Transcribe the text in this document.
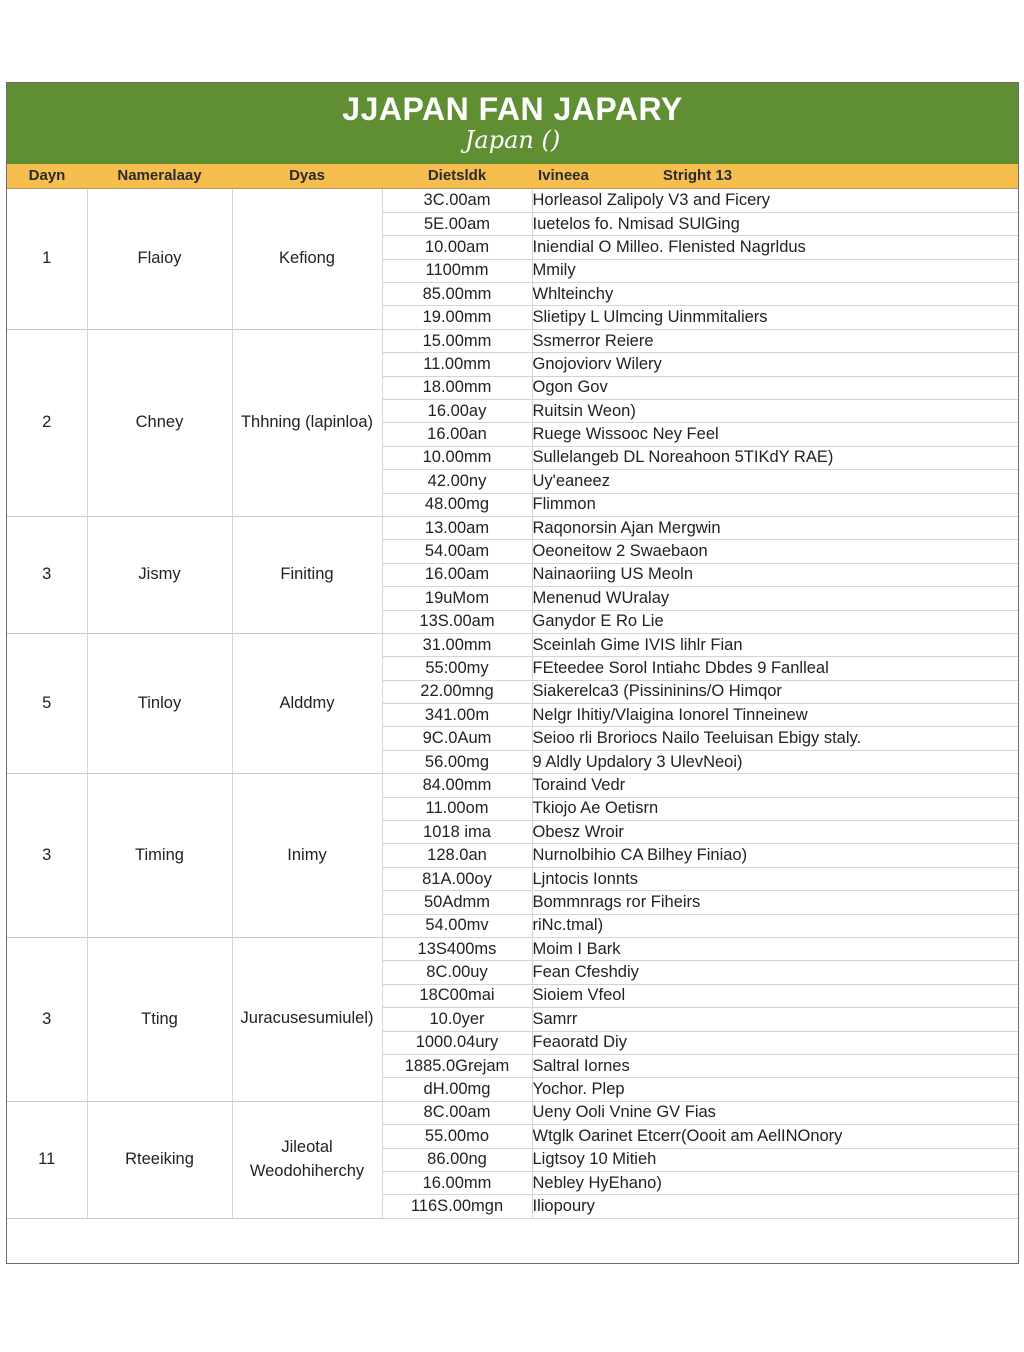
JJAPAN FAN JAPARY
Japan ()
Dayn	Nameralaay	Dyas	Dietsldk	Ivineea	Stright 13
1	Flaioy	Kefiong	3C.00am	Horleasol Zalipoly V3 and Ficery
			5E.00am	Iuetelos fo. Nmisad SUlGing
			10.00am	Iniendial O Milleo. Flenisted Nagrldus
			1100mm	Mmily
			85.00mm	Whlteinchy
			19.00mm	Slietipy L Ulmcing Uinmmitaliers
2	Chney	Thhning (lapinloa)	15.00mm	Ssmerror Reiere
			11.00mm	Gnojoviorv Wilery
			18.00mm	Ogon Gov
			16.00ay	Ruitsin Weon)
			16.00an	Ruege Wissooc Ney Feel
			10.00mm	Sullelangeb DL Noreahoon 5TIKdY RAE)
			42.00ny	Uy'eaneez
			48.00mg	Flimmon
3	Jismy	Finiting	13.00am	Raqonorsin Ajan Mergwin
			54.00am	Oeoneitow 2 Swaebaon
			16.00am	Nainaoriing US Meoln
			19uMom	Menenud WUralay
			13S.00am	Ganydor E Ro Lie
5	Tinloy	Alddmy	31.00mm	Sceinlah Gime IVIS lihlr Fian
			55:00my	FEteedee Sorol Intiahc Dbdes 9 Fanlleal
			22.00mng	Siakerelca3 (Pissininins/O Himqor
			341.00m	Nelgr Ihitiy/Vlaigina Ionorel Tinneinew
			9C.0Aum	Seioo rli Broriocs Nailo Teeluisan Ebigy staly.
			56.00mg	9 Aldly Updalory 3 UlevNeoi)
3	Timing	Inimy	84.00mm	Toraind Vedr
			11.00om	Tkiojo Ae Oetisrn
			1018 ima	Obesz Wroir
			128.0an	Nurnolbihio CA Bilhey Finiao)
			81A.00oy	Ljntocis Ionnts
			50Admm	Bommnrags ror Fiheirs
			54.00mv	riNc.tmal)
3	Tting	Juracusesumiulel)	13S400ms	Moim I Bark
			8C.00uy	Fean Cfeshdiy
			18C00mai	Sioiem Vfeol
			10.0yer	Samrr
			1000.04ury	Feaoratd Diy
			1885.0Grejam	Saltral Iornes
			dH.00mg	Yochor. Plep
11	Rteeiking	Jileotal Weodohiherchy	8C.00am	Ueny Ooli Vnine GV Fias
			55.00mo	Wtglk Oarinet Etcerr(Oooit am AelINOnory
			86.00ng	Ligtsoy 10 Mitieh
			16.00mm	Nebley HyEhano)
			116S.00mgn	Iliopoury
